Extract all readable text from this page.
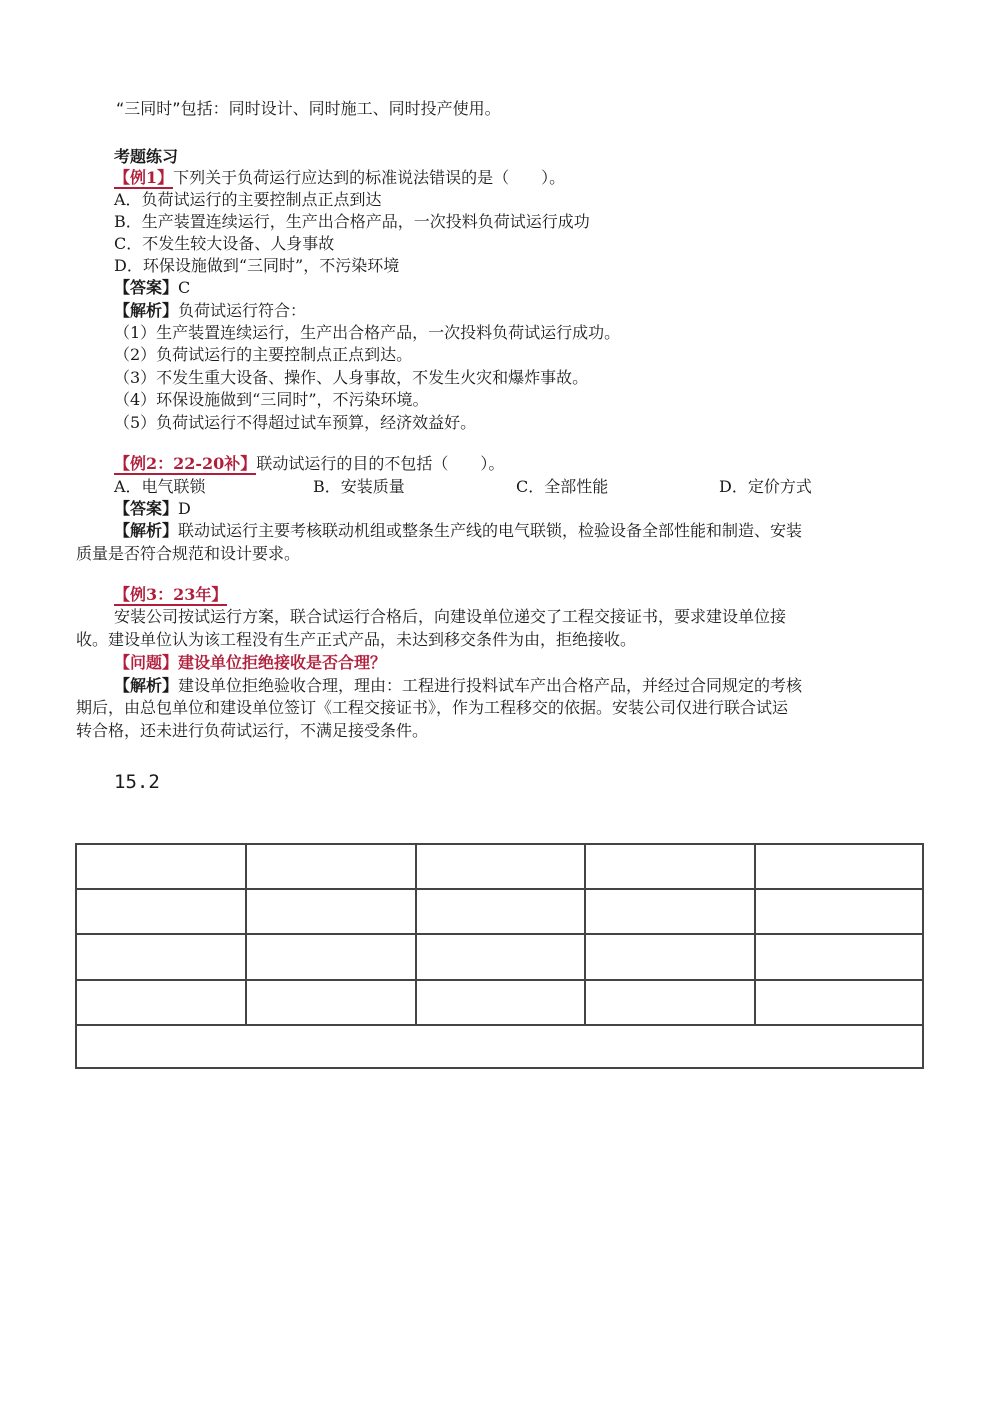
“三同时”包括：同时设计、同时施工、同时投产使用。
考题练习
【例1】下列关于负荷运行应达到的标准说法错误的是（　　）。
A．负荷试运行的主要控制点正点到达
B．生产装置连续运行，生产出合格产品，一次投料负荷试运行成功
C．不发生较大设备、人身事故
D．环保设施做到“三同时”，不污染环境
【答案】C
【解析】负荷试运行符合：
（1）生产装置连续运行，生产出合格产品，一次投料负荷试运行成功。
（2）负荷试运行的主要控制点正点到达。
（3）不发生重大设备、操作、人身事故，不发生火灾和爆炸事故。
（4）环保设施做到“三同时”，不污染环境。
（5）负荷试运行不得超过试车预算，经济效益好。
【例2：22-20补】联动试运行的目的不包括（　　）。
A．电气联锁	B．安装质量	C．全部性能	D．定价方式
【答案】D
【解析】联动试运行主要考核联动机组或整条生产线的电气联锁，检验设备全部性能和制造、安装
质量是否符合规范和设计要求。
【例3：23年】
安装公司按试运行方案，联合试运行合格后，向建设单位递交了工程交接证书，要求建设单位接
收。建设单位认为该工程没有生产正式产品，未达到移交条件为由，拒绝接收。
【问题】建设单位拒绝接收是否合理？
【解析】建设单位拒绝验收合理，理由：工程进行投料试车产出合格产品，并经过合同规定的考核
期后，由总包单位和建设单位签订《工程交接证书》，作为工程移交的依据。安装公司仅进行联合试运
转合格，还未进行负荷试运行，不满足接受条件。
15.2
